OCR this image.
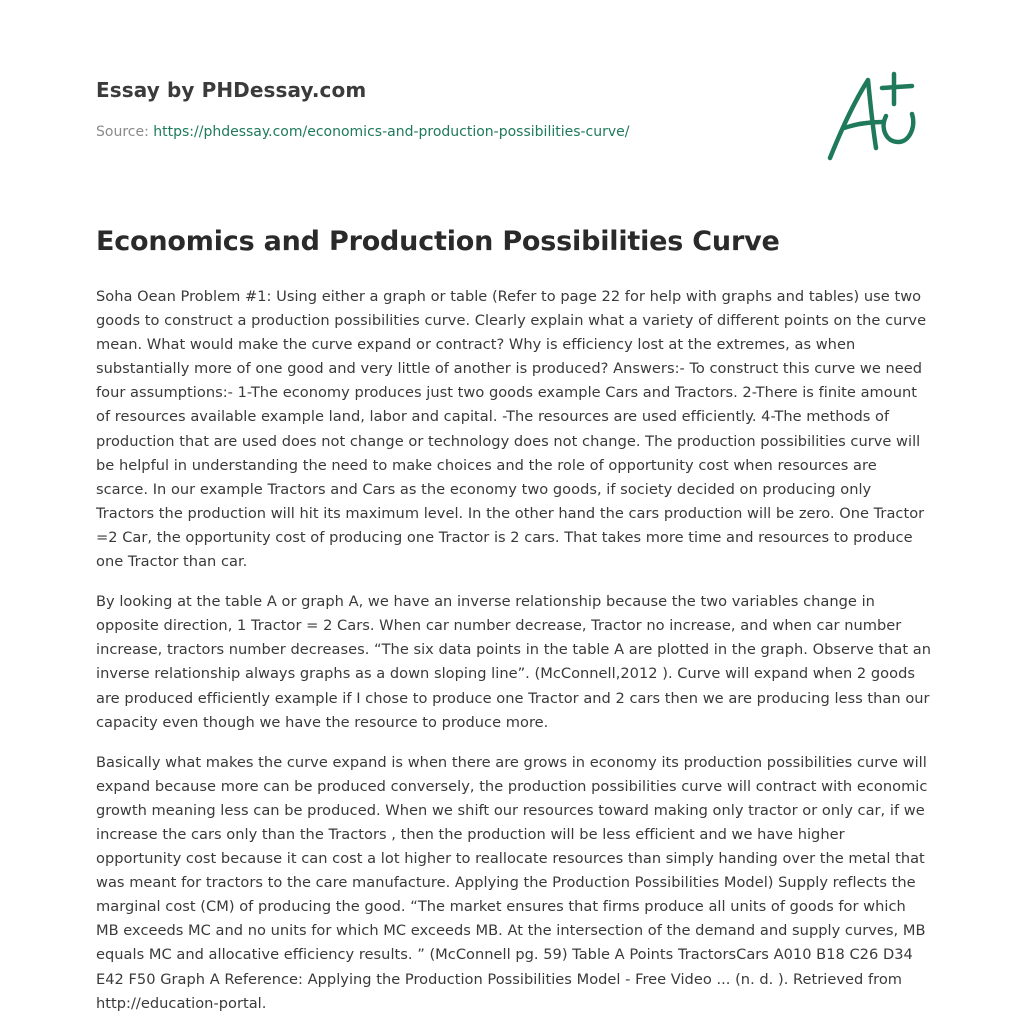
Essay by PHDessay.com
Source: https://phdessay.com/economics-and-production-possibilities-curve/
Economics and Production Possibilities Curve

Soha Oean Problem #1: Using either a graph or table (Refer to page 22 for help with graphs and tables) use two goods to construct a production possibilities curve. Clearly explain what a variety of different points on the curve mean. What would make the curve expand or contract? Why is efficiency lost at the extremes, as when substantially more of one good and very little of another is produced? Answers:- To construct this curve we need four assumptions:- 1-The economy produces just two goods example Cars and Tractors. 2-There is finite amount of resources available example land, labor and capital. -The resources are used efficiently. 4-The methods of production that are used does not change or technology does not change. The production possibilities curve will be helpful in understanding the need to make choices and the role of opportunity cost when resources are scarce. In our example Tractors and Cars as the economy two goods, if society decided on producing only Tractors the production will hit its maximum level. In the other hand the cars production will be zero. One Tractor =2 Car, the opportunity cost of producing one Tractor is 2 cars. That takes more time and resources to produce one Tractor than car.

By looking at the table A or graph A, we have an inverse relationship because the two variables change in opposite direction, 1 Tractor = 2 Cars. When car number decrease, Tractor no increase, and when car number increase, tractors number decreases. “The six data points in the table A are plotted in the graph. Observe that an inverse relationship always graphs as a down sloping line”. (McConnell,2012 ). Curve will expand when 2 goods are produced efficiently example if I chose to produce one Tractor and 2 cars then we are producing less than our capacity even though we have the resource to produce more.

Basically what makes the curve expand is when there are grows in economy its production possibilities curve will expand because more can be produced conversely, the production possibilities curve will contract with economic growth meaning less can be produced. When we shift our resources toward making only tractor or only car, if we increase the cars only than the Tractors , then the production will be less efficient and we have higher opportunity cost because it can cost a lot higher to reallocate resources than simply handing over the metal that was meant for tractors to the care manufacture. Applying the Production Possibilities Model) Supply reflects the marginal cost (CM) of producing the good. “The market ensures that firms produce all units of goods for which MB exceeds MC and no units for which MC exceeds MB. At the intersection of the demand and supply curves, MB equals MC and allocative efficiency results. ” (McConnell pg. 59) Table A Points TractorsCars A010 B18 C26 D34 E42 F50 Graph A Reference: Applying the Production Possibilities Model - Free Video ... (n. d. ). Retrieved from http://education-portal.
